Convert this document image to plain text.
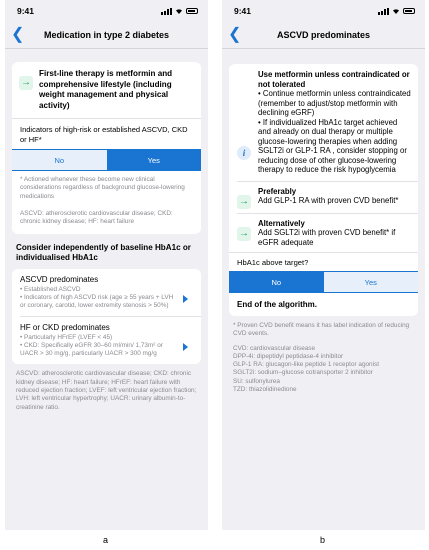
9:41
❮ Medication in type 2 diabetes
→
First-line therapy is metformin and comprehensive lifestyle (including weight management and physical activity)
Indicators of high-risk or established ASCVD, CKD or HF*
No	Yes
* Actioned whenever these become new clinical considerations regardless of background glucose-lowering medications
ASCVD: atherosclerotic cardiovascular disease; CKD: chronic kidney disease; HF: heart failure
Consider independently of baseline HbA1c or individualised HbA1c
ASCVD predominates
• Established ASCVD
• Indicators of high ASCVD risk (age ≥ 55 years + LVH or coronary, carotid, lower extremity stenosis > 50%)
HF or CKD predominates
• Particularly HFrEF (LVEF < 45)
• CKD: Specifically eGFR 30–60 ml/min/ 1,73m² or UACR > 30 mg/g, particularly UACR > 300 mg/g
ASCVD: atherosclerotic cardiovascular disease; CKD: chronic kidney disease; HF: heart failure; HFrEF: heart failure with reduced ejection fraction; LVEF: left ventricular ejection fraction; LVH: left ventricular hypertrophy; UACR: urinary albumin-to-creatinine ratio.
9:41
❮	ASCVD predominates
i
Use metformin unless contraindicated or not tolerated
• Continue metformin unless contraindicated (remember to adjust/stop metformin with declining eGRF)
• If individualized HbA1c target achieved and already on dual therapy or multiple glucose-lowering therapies when adding SGLT2i or GLP-1 RA , consider stopping or reducing dose of other glucose-lowering therapy to reduce the risk hypoglycemia
→
Preferably
Add GLP-1 RA with proven CVD benefit*
→
Alternatively
Add SGLT2i with proven CVD benefit* if eGFR adequate
HbA1c above target?
No	Yes
End of the algorithm.
* Proven CVD benefit means it has label indication of reducing CVD events.
CVD: cardiovascular disease
DPP-4i: dipeptidyl peptidase-4 inhibitor
GLP-1 RA: glucagon-like peptide 1 receptor agonist
SGLT2i: sodium–glucose cotransporter 2 inhibitor
SU: sulfonylurea
TZD: thiazolidinedione
a	b
